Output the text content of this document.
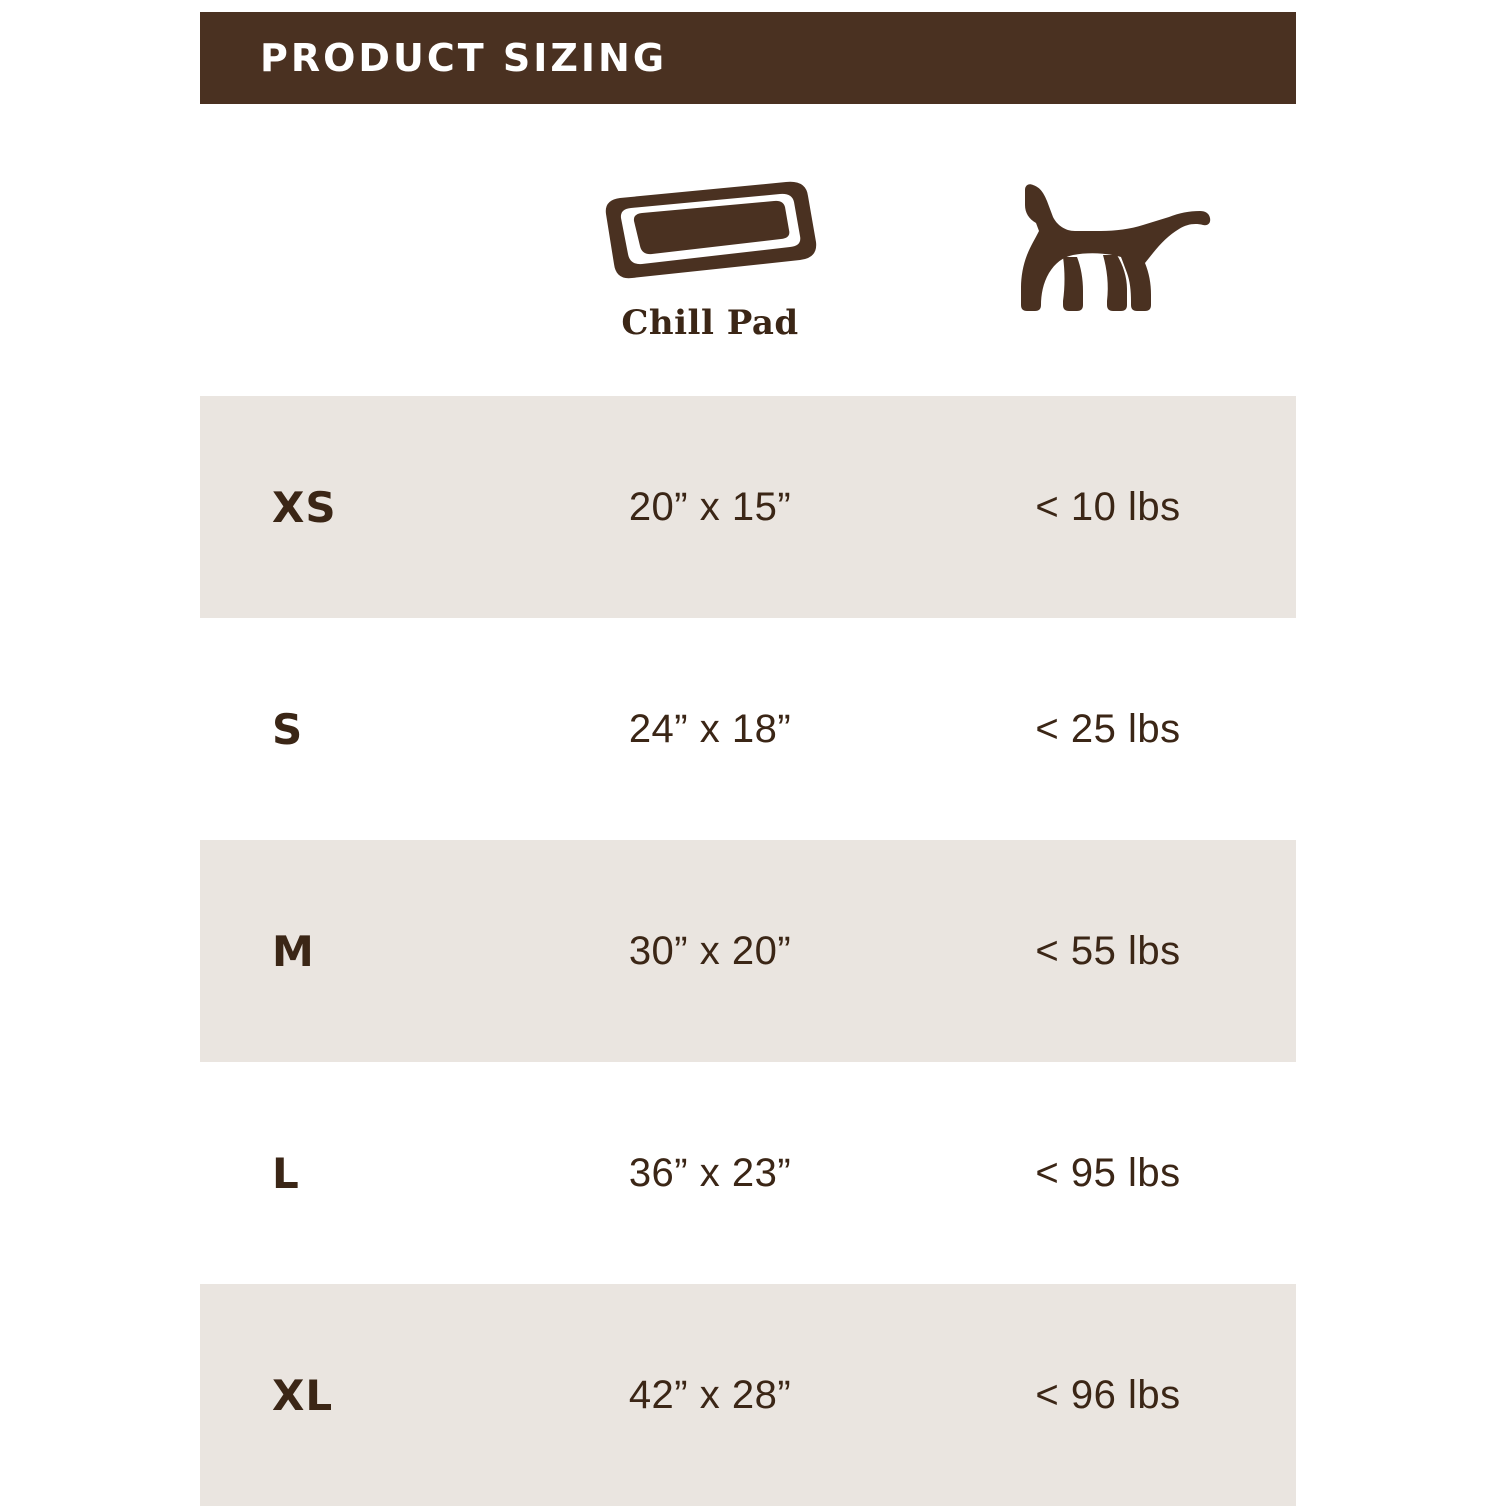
PRODUCT SIZING
Chill Pad
XS	20” x 15”	< 10 lbs
S	24” x 18”	< 25 lbs
M	30” x 20”	< 55 lbs
L	36” x 23”	< 95 lbs
XL	42” x 28”	< 96 lbs
